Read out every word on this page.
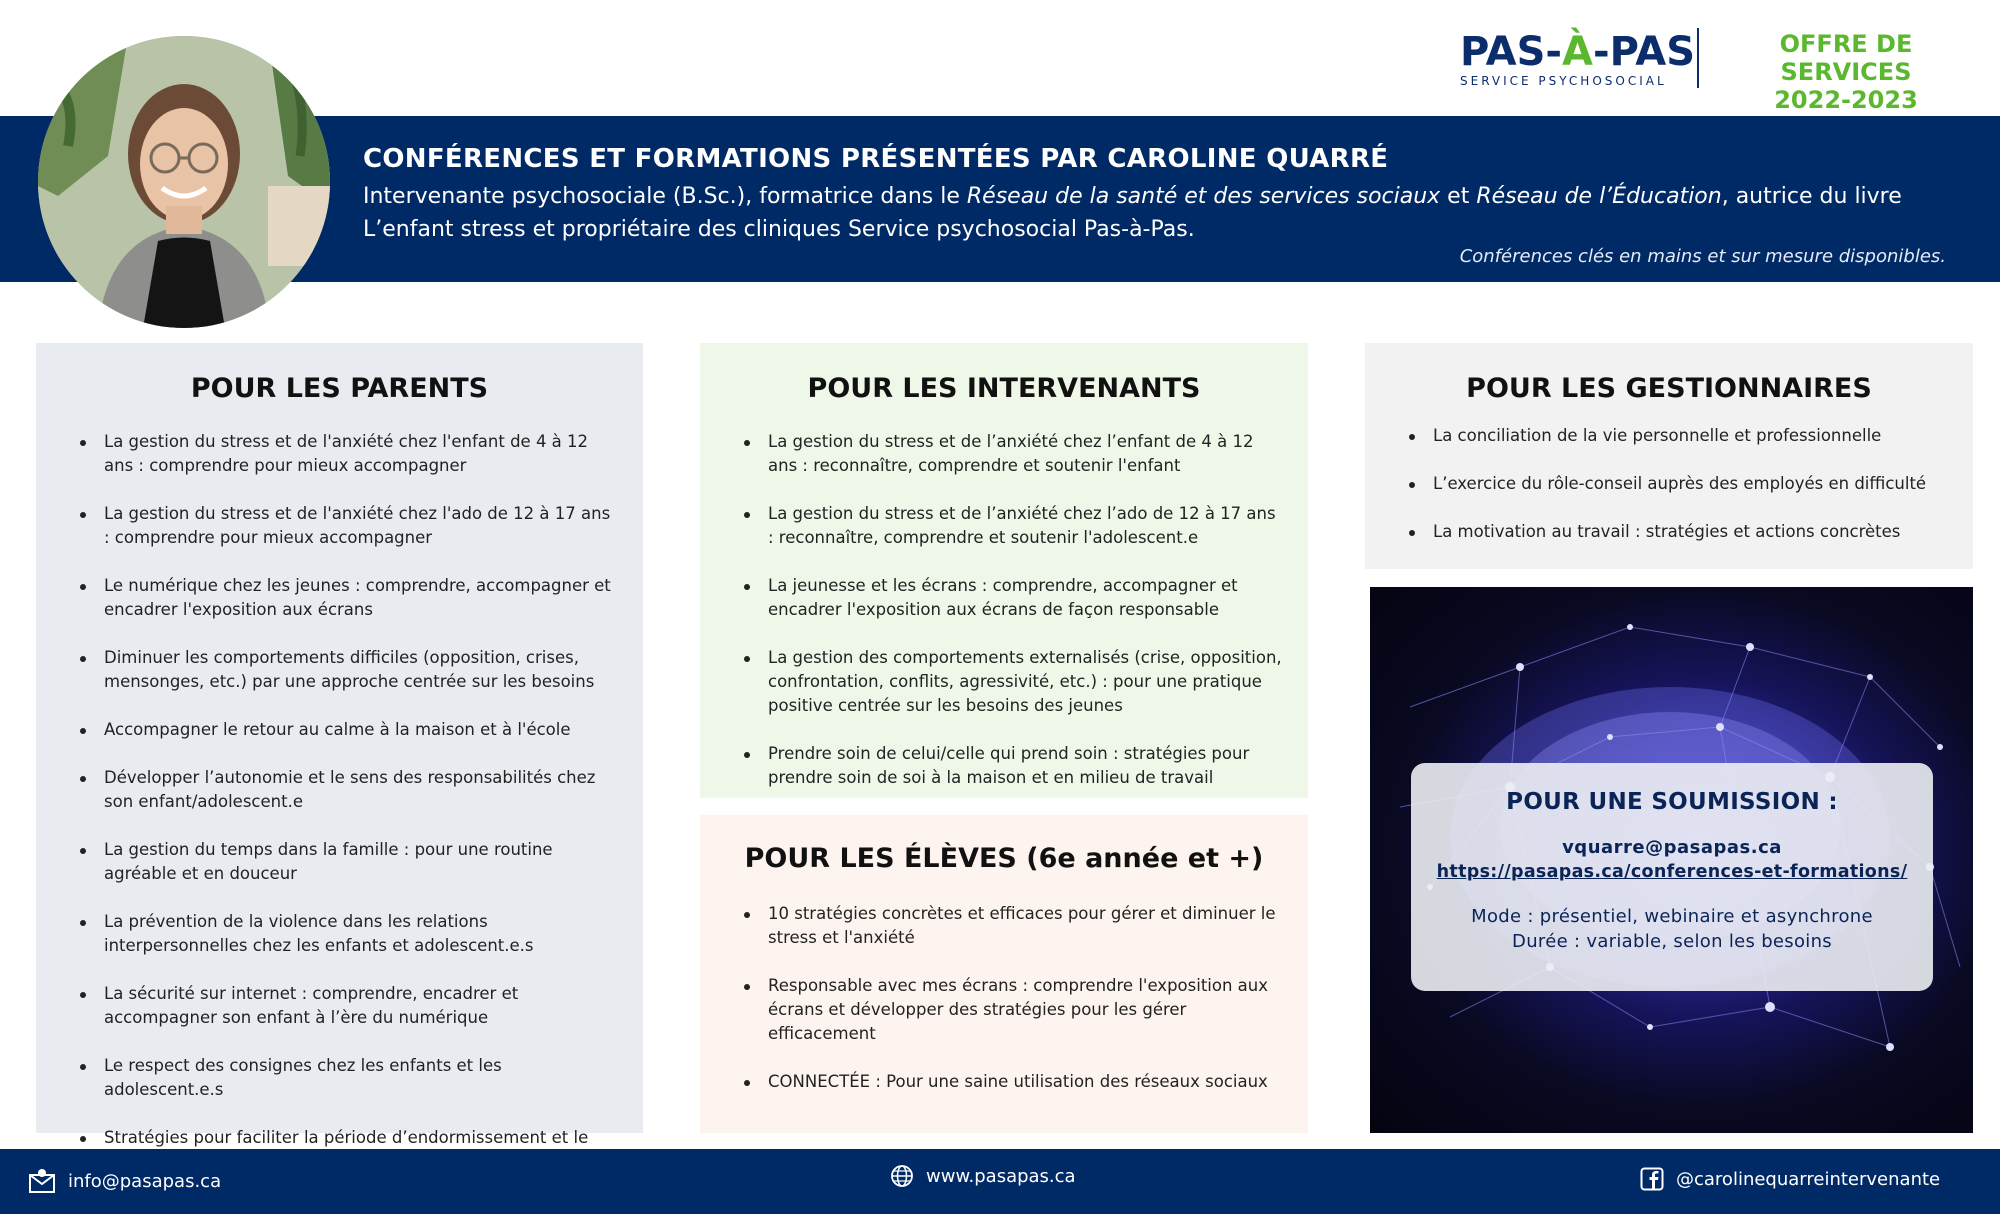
PAS-À-PAS
SERVICE PSYCHOSOCIAL
OFFRE DE SERVICES
2022-2023
CONFÉRENCES ET FORMATIONS PRÉSENTÉES PAR CAROLINE QUARRÉ
Intervenante psychosociale (B.Sc.), formatrice dans le Réseau de la santé et des services sociaux et Réseau de l’Éducation, autrice du livre L’enfant stress et propriétaire des cliniques Service psychosocial Pas-à-Pas.
Conférences clés en mains et sur mesure disponibles.
POUR LES PARENTS
La gestion du stress et de l'anxiété chez l'enfant de 4 à 12 ans : comprendre pour mieux accompagner
La gestion du stress et de l'anxiété chez l'ado de 12 à 17 ans : comprendre pour mieux accompagner
Le numérique chez les jeunes : comprendre, accompagner et encadrer l'exposition aux écrans
Diminuer les comportements difficiles (opposition, crises, mensonges, etc.) par une approche centrée sur les besoins
Accompagner le retour au calme à la maison et à l'école
Développer l’autonomie et le sens des responsabilités chez son enfant/adolescent.e
La gestion du temps dans la famille : pour une routine agréable et en douceur
La prévention de la violence dans les relations interpersonnelles chez les enfants et adolescent.e.s
La sécurité sur internet : comprendre, encadrer et accompagner son enfant à l’ère du numérique
Le respect des consignes chez les enfants et les adolescent.e.s
Stratégies pour faciliter la période d’endormissement et le
POUR LES INTERVENANTS
La gestion du stress et de l’anxiété chez l’enfant de 4 à 12 ans : reconnaître, comprendre et soutenir l'enfant
La gestion du stress et de l’anxiété chez l’ado de 12 à 17 ans : reconnaître, comprendre et soutenir l'adolescent.e
La jeunesse et les écrans : comprendre, accompagner et encadrer l'exposition aux écrans de façon responsable
La gestion des comportements externalisés (crise, opposition, confrontation, conflits, agressivité, etc.) : pour une pratique positive centrée sur les besoins des jeunes
Prendre soin de celui/celle qui prend soin : stratégies pour prendre soin de soi à la maison et en milieu de travail
POUR LES ÉLÈVES (6e année et +)
10 stratégies concrètes et efficaces pour gérer et diminuer le stress et l'anxiété
Responsable avec mes écrans : comprendre l'exposition aux écrans et développer des stratégies pour les gérer efficacement
CONNECTÉE : Pour une saine utilisation des réseaux sociaux
POUR LES GESTIONNAIRES
La conciliation de la vie personnelle et professionnelle
L’exercice du rôle-conseil auprès des employés en difficulté
La motivation au travail : stratégies et actions concrètes
POUR UNE SOUMISSION :
vquarre@pasapas.ca
https://pasapas.ca/conferences-et-formations/
Mode : présentiel, webinaire et asynchrone
Durée : variable, selon les besoins
info@pasapas.ca	www.pasapas.ca	@carolinequarreintervenante
